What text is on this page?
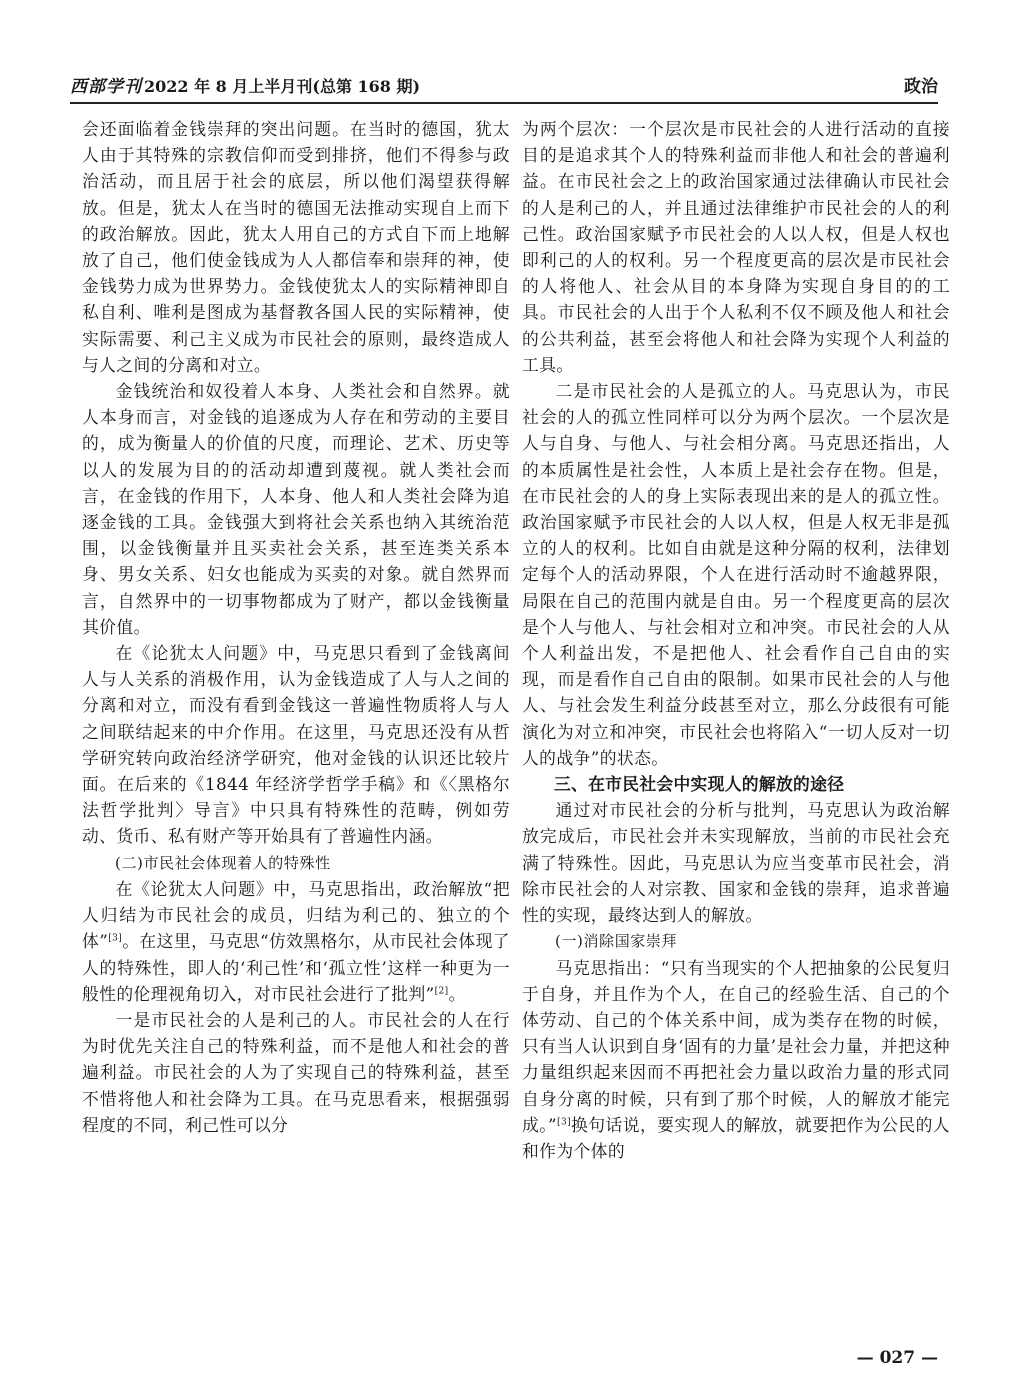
西部学刊 2022 年 8 月上半月刊(总第 168 期)	政治

会还面临着金钱崇拜的突出问题。在当时的德国，犹太人由于其特殊的宗教信仰而受到排挤，他们不得参与政治活动，而且居于社会的底层，所以他们渴望获得解放。但是，犹太人在当时的德国无法推动实现自上而下的政治解放。因此，犹太人用自己的方式自下而上地解放了自己，他们使金钱成为人人都信奉和崇拜的神，使金钱势力成为世界势力。金钱使犹太人的实际精神即自私自利、唯利是图成为基督教各国人民的实际精神，使实际需要、利己主义成为市民社会的原则，最终造成人与人之间的分离和对立。

金钱统治和奴役着人本身、人类社会和自然界。就人本身而言，对金钱的追逐成为人存在和劳动的主要目的，成为衡量人的价值的尺度，而理论、艺术、历史等以人的发展为目的的活动却遭到蔑视。就人类社会而言，在金钱的作用下，人本身、他人和人类社会降为追逐金钱的工具。金钱强大到将社会关系也纳入其统治范围，以金钱衡量并且买卖社会关系，甚至连类关系本身、男女关系、妇女也能成为买卖的对象。就自然界而言，自然界中的一切事物都成为了财产，都以金钱衡量其价值。

在《论犹太人问题》中，马克思只看到了金钱离间人与人关系的消极作用，认为金钱造成了人与人之间的分离和对立，而没有看到金钱这一普遍性物质将人与人之间联结起来的中介作用。在这里，马克思还没有从哲学研究转向政治经济学研究，他对金钱的认识还比较片面。在后来的《1844 年经济学哲学手稿》和《〈黑格尔法哲学批判〉导言》中只具有特殊性的范畴，例如劳动、货币、私有财产等开始具有了普遍性内涵。

(二)市民社会体现着人的特殊性

在《论犹太人问题》中，马克思指出，政治解放“把人归结为市民社会的成员，归结为利己的、独立的个体”[3]。在这里，马克思“仿效黑格尔，从市民社会体现了人的特殊性，即人的‘利己性’和‘孤立性’这样一种更为一般性的伦理视角切入，对市民社会进行了批判”[2]。

一是市民社会的人是利己的人。市民社会的人在行为时优先关注自己的特殊利益，而不是他人和社会的普遍利益。市民社会的人为了实现自己的特殊利益，甚至不惜将他人和社会降为工具。在马克思看来，根据强弱程度的不同，利己性可以分

为两个层次：一个层次是市民社会的人进行活动的直接目的是追求其个人的特殊利益而非他人和社会的普遍利益。在市民社会之上的政治国家通过法律确认市民社会的人是利己的人，并且通过法律维护市民社会的人的利己性。政治国家赋予市民社会的人以人权，但是人权也即利己的人的权利。另一个程度更高的层次是市民社会的人将他人、社会从目的本身降为实现自身目的的工具。市民社会的人出于个人私利不仅不顾及他人和社会的公共利益，甚至会将他人和社会降为实现个人利益的工具。

二是市民社会的人是孤立的人。马克思认为，市民社会的人的孤立性同样可以分为两个层次。一个层次是人与自身、与他人、与社会相分离。马克思还指出，人的本质属性是社会性，人本质上是社会存在物。但是，在市民社会的人的身上实际表现出来的是人的孤立性。政治国家赋予市民社会的人以人权，但是人权无非是孤立的人的权利。比如自由就是这种分隔的权利，法律划定每个人的活动界限，个人在进行活动时不逾越界限，局限在自己的范围内就是自由。另一个程度更高的层次是个人与他人、与社会相对立和冲突。市民社会的人从个人利益出发，不是把他人、社会看作自己自由的实现，而是看作自己自由的限制。如果市民社会的人与他人、与社会发生利益分歧甚至对立，那么分歧很有可能演化为对立和冲突，市民社会也将陷入“一切人反对一切人的战争”的状态。

三、在市民社会中实现人的解放的途径

通过对市民社会的分析与批判，马克思认为政治解放完成后，市民社会并未实现解放，当前的市民社会充满了特殊性。因此，马克思认为应当变革市民社会，消除市民社会的人对宗教、国家和金钱的崇拜，追求普遍性的实现，最终达到人的解放。

(一)消除国家崇拜

马克思指出：“只有当现实的个人把抽象的公民复归于自身，并且作为个人，在自己的经验生活、自己的个体劳动、自己的个体关系中间，成为类存在物的时候，只有当人认识到自身‘固有的力量’是社会力量，并把这种力量组织起来因而不再把社会力量以政治力量的形式同自身分离的时候，只有到了那个时候，人的解放才能完成。”[3]换句话说，要实现人的解放，就要把作为公民的人和作为个体的

— 027 —
